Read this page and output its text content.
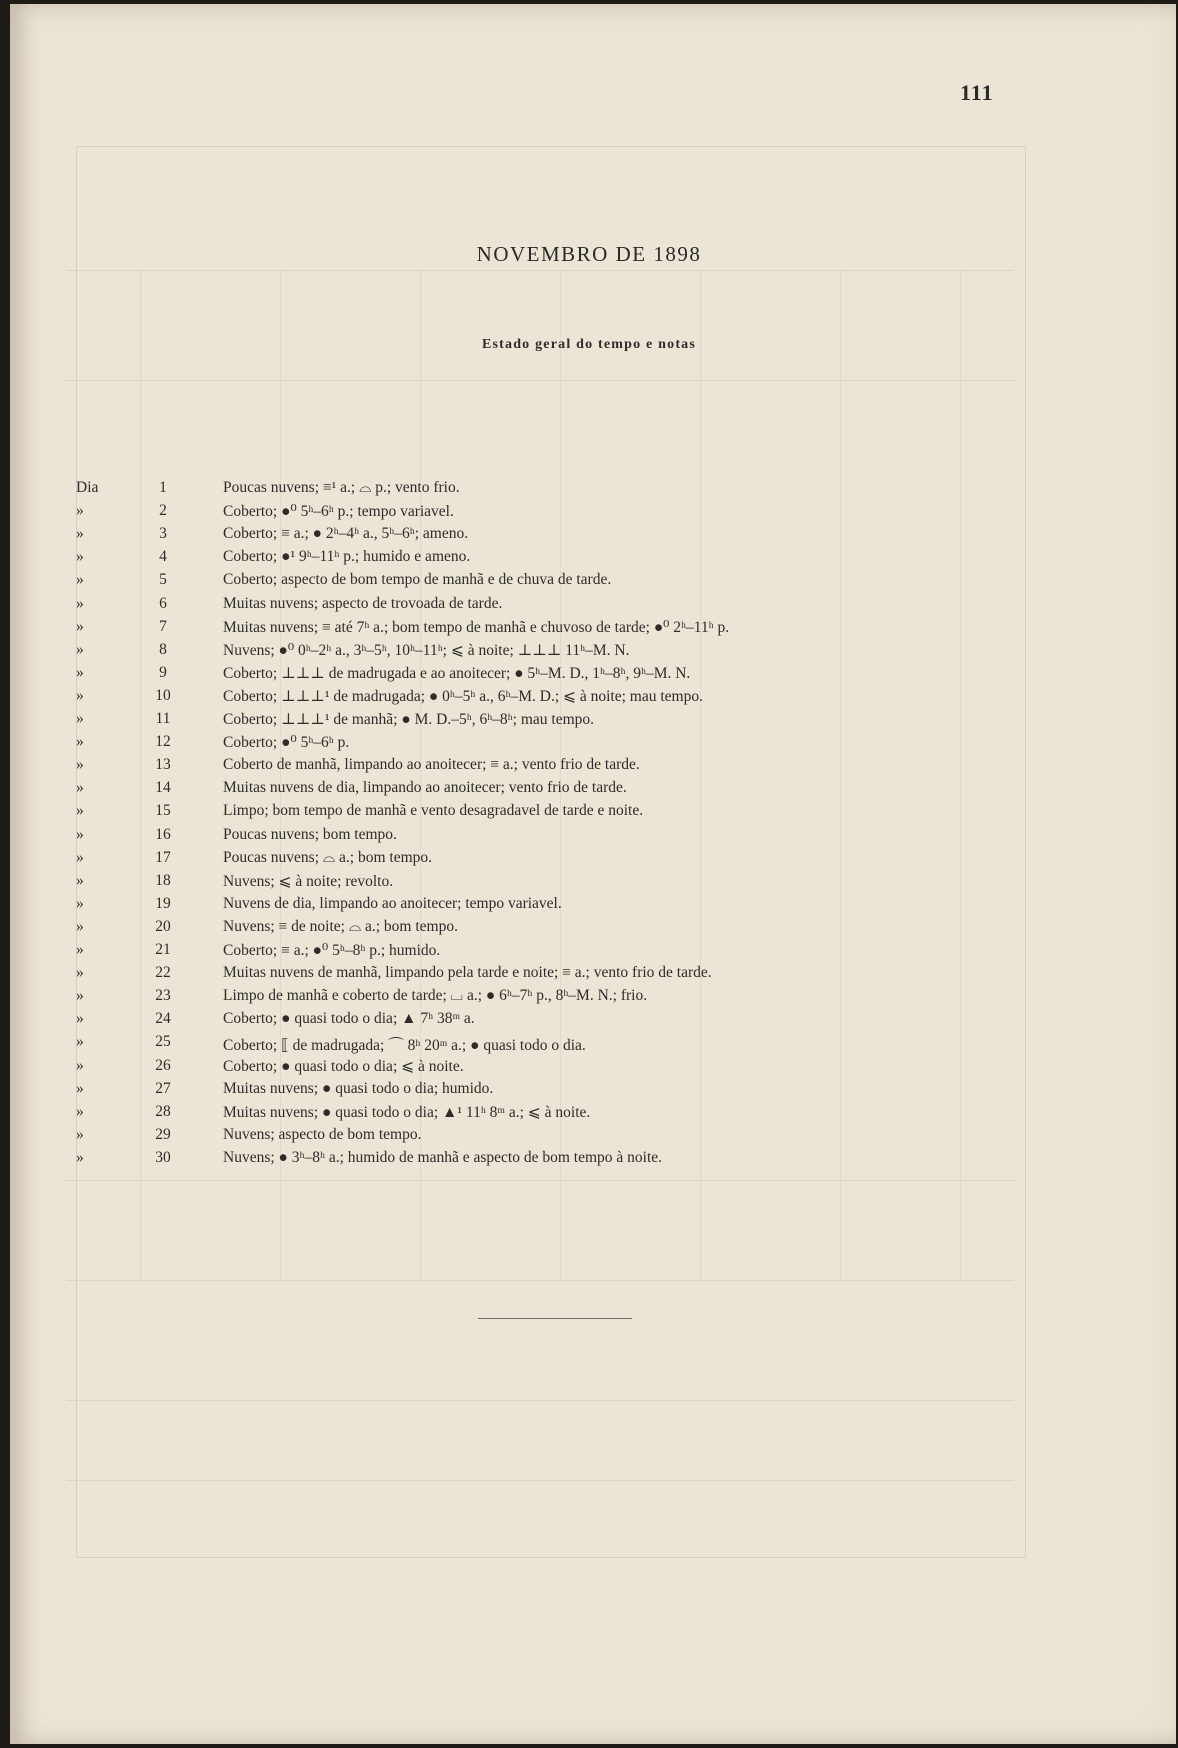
111
NOVEMBRO DE 1898
Estado geral do tempo e notas
Dia	1	Poucas nuvens; ≡¹ a.; ⌓ p.; vento frio.
»	2	Coberto; ●⁰ 5ʰ–6ʰ p.; tempo variavel.
»	3	Coberto; ≡ a.; ● 2ʰ–4ʰ a., 5ʰ–6ʰ; ameno.
»	4	Coberto; ●¹ 9ʰ–11ʰ p.; humido e ameno.
»	5	Coberto; aspecto de bom tempo de manhã e de chuva de tarde.
»	6	Muitas nuvens; aspecto de trovoada de tarde.
»	7	Muitas nuvens; ≡ até 7ʰ a.; bom tempo de manhã e chuvoso de tarde; ●⁰ 2ʰ–11ʰ p.
»	8	Nuvens; ●⁰ 0ʰ–2ʰ a., 3ʰ–5ʰ, 10ʰ–11ʰ; ⩽ à noite; ⊥⊥⊥ 11ʰ–M. N.
»	9	Coberto; ⊥⊥⊥ de madrugada e ao anoitecer; ● 5ʰ–M. D., 1ʰ–8ʰ, 9ʰ–M. N.
»	10	Coberto; ⊥⊥⊥¹ de madrugada; ● 0ʰ–5ʰ a., 6ʰ–M. D.; ⩽ à noite; mau tempo.
»	11	Coberto; ⊥⊥⊥¹ de manhã; ● M. D.–5ʰ, 6ʰ–8ʰ; mau tempo.
»	12	Coberto; ●⁰ 5ʰ–6ʰ p.
»	13	Coberto de manhã, limpando ao anoitecer; ≡ a.; vento frio de tarde.
»	14	Muitas nuvens de dia, limpando ao anoitecer; vento frio de tarde.
»	15	Limpo; bom tempo de manhã e vento desagradavel de tarde e noite.
»	16	Poucas nuvens; bom tempo.
»	17	Poucas nuvens; ⌓ a.; bom tempo.
»	18	Nuvens; ⩽ à noite; revolto.
»	19	Nuvens de dia, limpando ao anoitecer; tempo variavel.
»	20	Nuvens; ≡ de noite; ⌓ a.; bom tempo.
»	21	Coberto; ≡ a.; ●⁰ 5ʰ–8ʰ p.; humido.
»	22	Muitas nuvens de manhã, limpando pela tarde e noite; ≡ a.; vento frio de tarde.
»	23	Limpo de manhã e coberto de tarde; ⌴ a.; ● 6ʰ–7ʰ p., 8ʰ–M. N.; frio.
»	24	Coberto; ● quasi todo o dia; ▲ 7ʰ 38ᵐ a.
»	25	Coberto; ⟦ de madrugada; ⌒ 8ʰ 20ᵐ a.; ● quasi todo o dia.
»	26	Coberto; ● quasi todo o dia; ⩽ à noite.
»	27	Muitas nuvens; ● quasi todo o dia; humido.
»	28	Muitas nuvens; ● quasi todo o dia; ▲¹ 11ʰ 8ᵐ a.; ⩽ à noite.
»	29	Nuvens; aspecto de bom tempo.
»	30	Nuvens; ● 3ʰ–8ʰ a.; humido de manhã e aspecto de bom tempo à noite.
